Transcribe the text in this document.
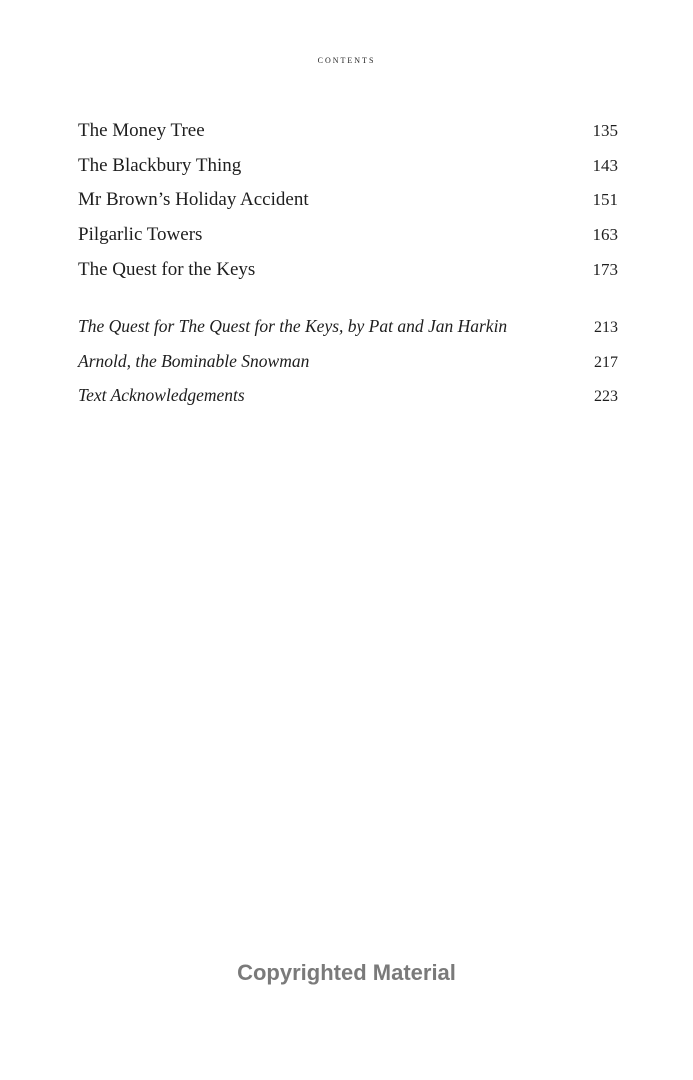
contents
The Money Tree	135
The Blackbury Thing	143
Mr Brown’s Holiday Accident	151
Pilgarlic Towers	163
The Quest for the Keys	173
The Quest for The Quest for the Keys, by Pat and Jan Harkin	213
Arnold, the Bominable Snowman	217
Text Acknowledgements	223
Copyrighted Material
